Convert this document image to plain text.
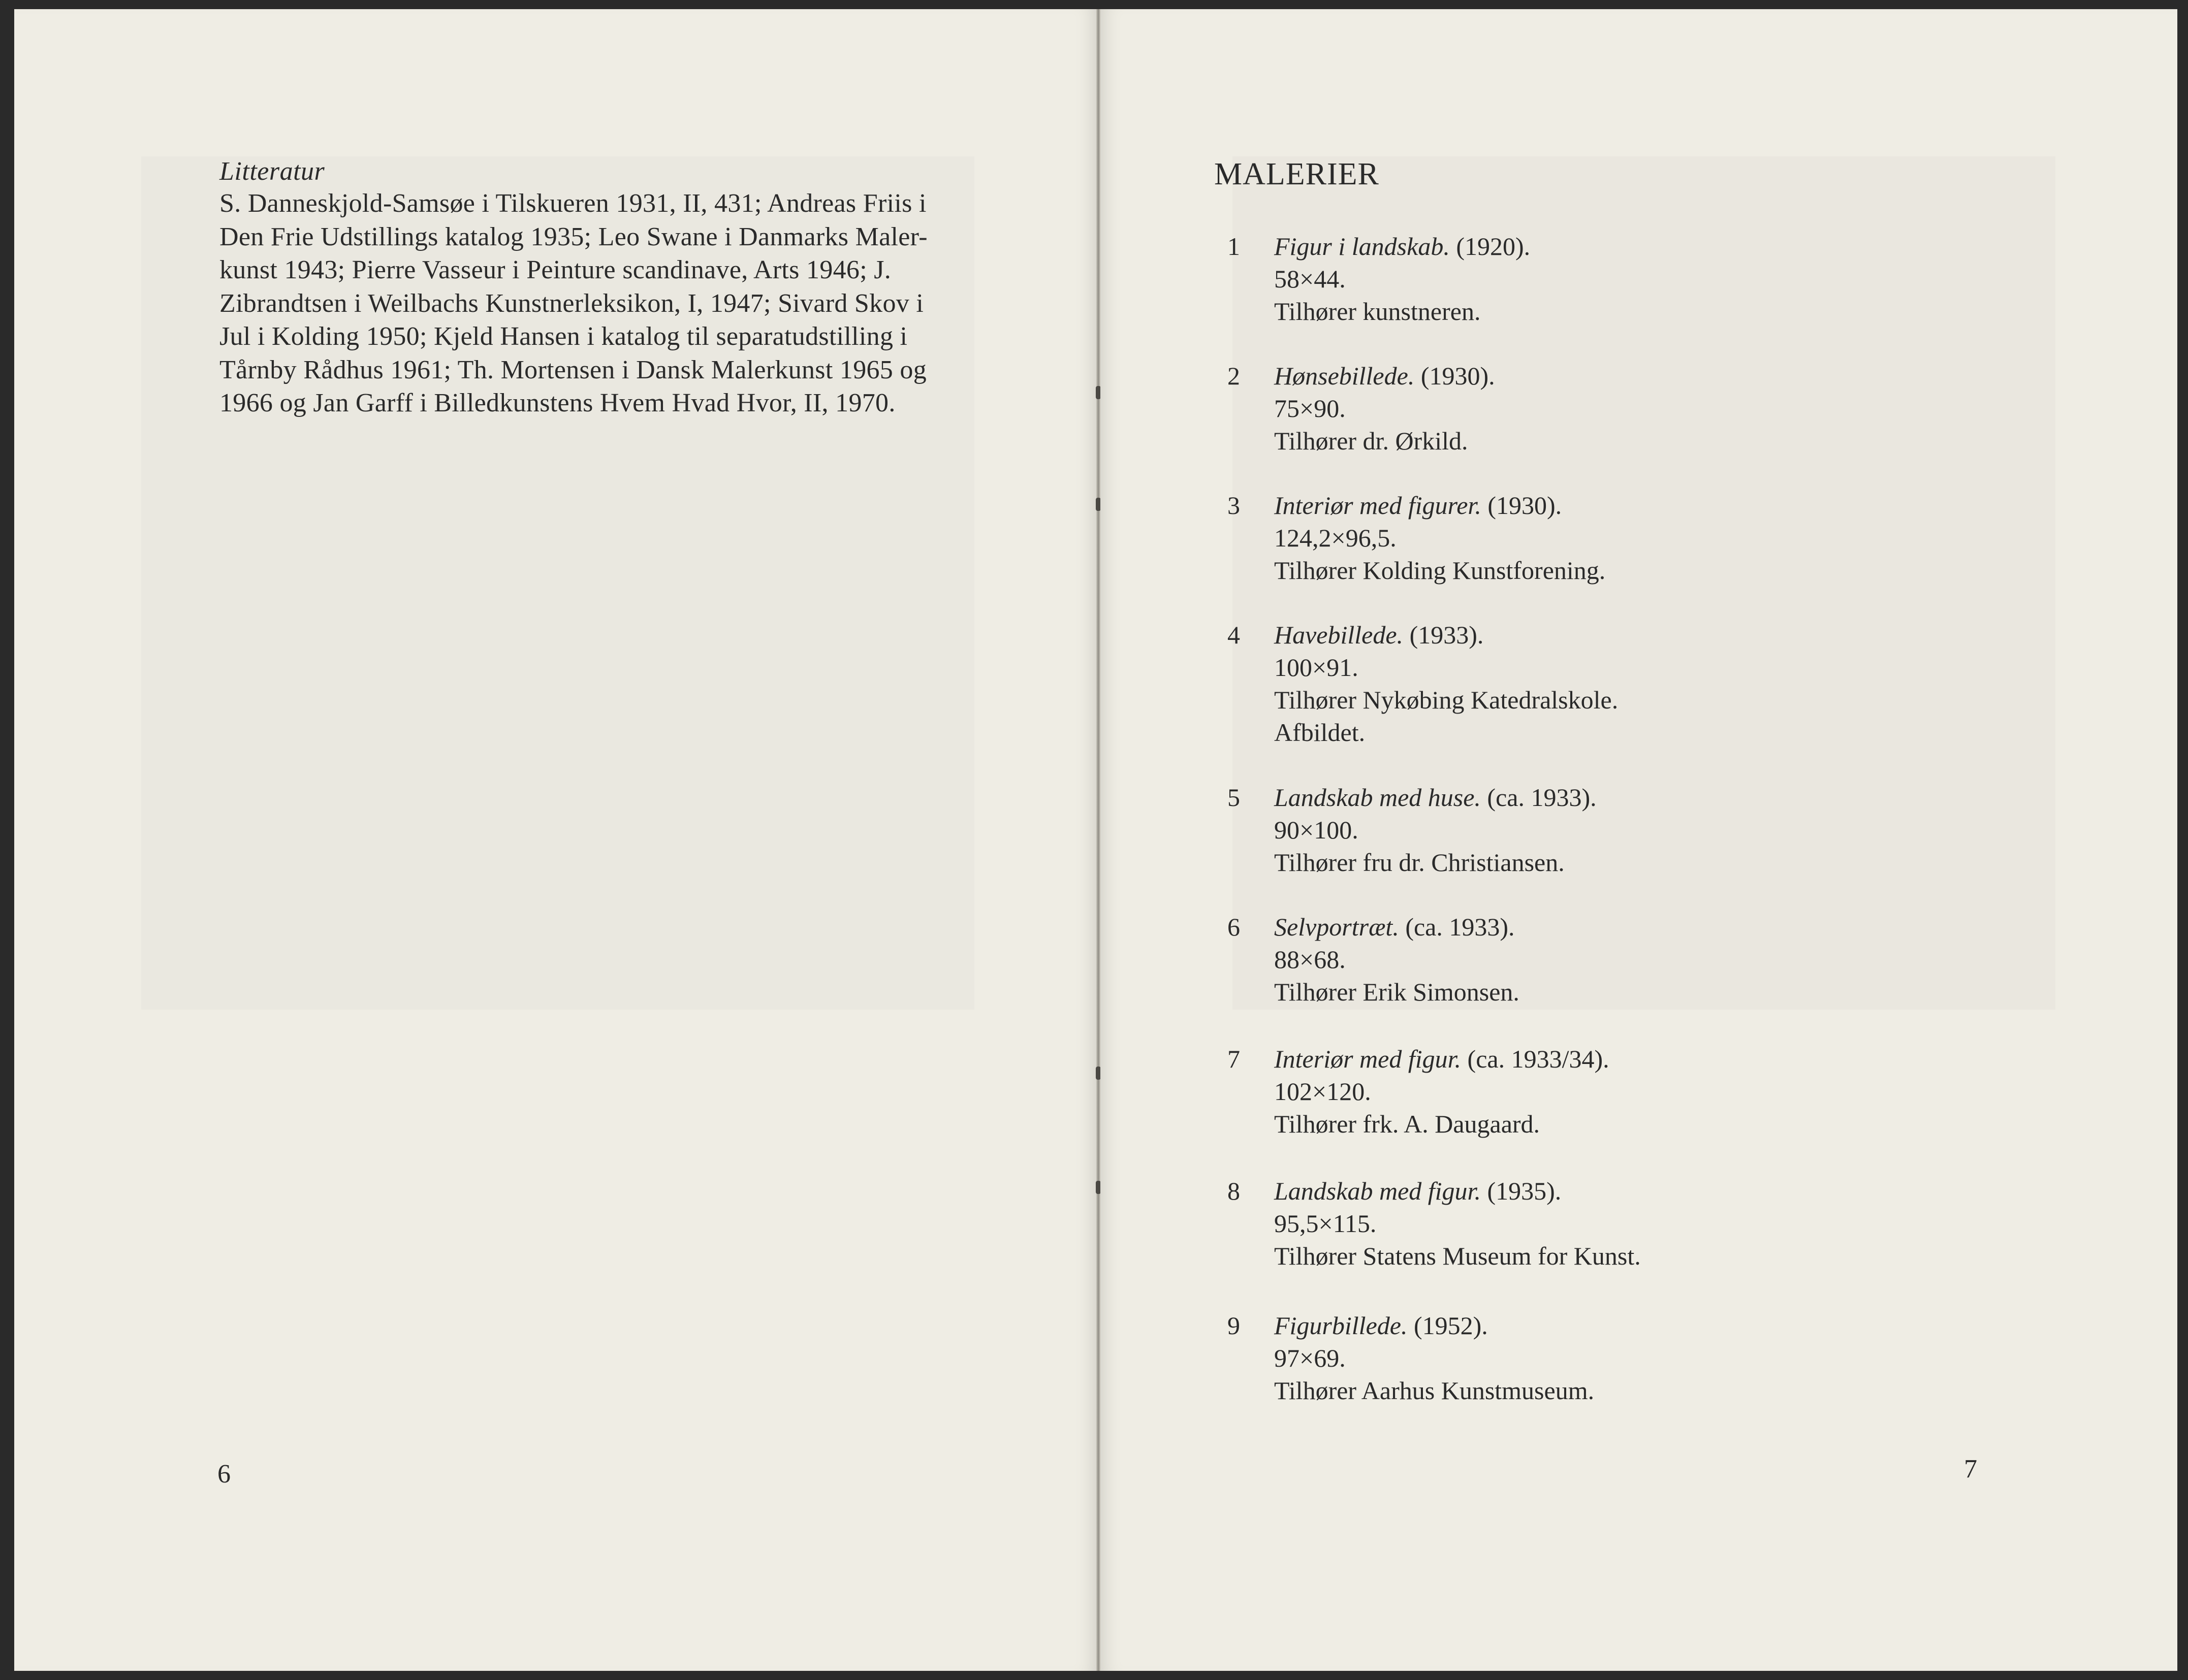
Litteratur
S. Danneskjold-Samsøe i Tilskueren 1931, II, 431; Andreas Friis i
Den Frie Udstillings katalog 1935; Leo Swane i Danmarks Maler-
kunst 1943; Pierre Vasseur i Peinture scandinave, Arts 1946; J.
Zibrandtsen i Weilbachs Kunstnerleksikon, I, 1947; Sivard Skov i
Jul i Kolding 1950; Kjeld Hansen i katalog til separatudstilling i
Tårnby Rådhus 1961; Th. Mortensen i Dansk Malerkunst 1965 og
1966 og Jan Garff i Billedkunstens Hvem Hvad Hvor, II, 1970.
6
MALERIER
1	Figur i landskab. (1920).
58×44.
Tilhører kunstneren.
2	Hønsebillede. (1930).
75×90.
Tilhører dr. Ørkild.
3	Interiør med figurer. (1930).
124,2×96,5.
Tilhører Kolding Kunstforening.
4	Havebillede. (1933).
100×91.
Tilhører Nykøbing Katedralskole.
Afbildet.
5	Landskab med huse. (ca. 1933).
90×100.
Tilhører fru dr. Christiansen.
6	Selvportræt. (ca. 1933).
88×68.
Tilhører Erik Simonsen.
7	Interiør med figur. (ca. 1933/34).
102×120.
Tilhører frk. A. Daugaard.
8	Landskab med figur. (1935).
95,5×115.
Tilhører Statens Museum for Kunst.
9	Figurbillede. (1952).
97×69.
Tilhører Aarhus Kunstmuseum.
7
